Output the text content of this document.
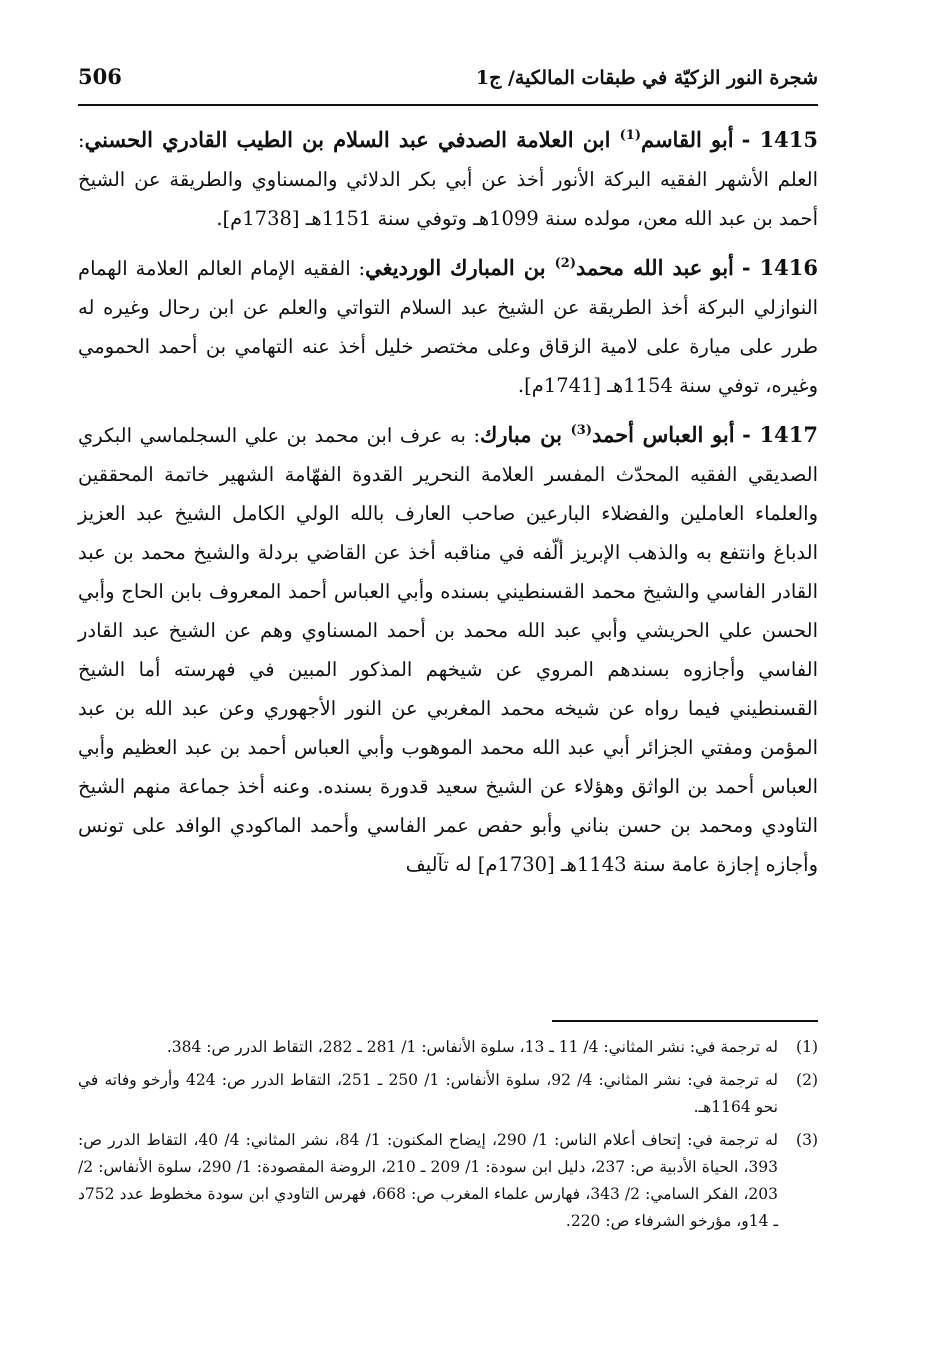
506	شجرة النور الزكيّة في طبقات المالكية/ ج1

1415 - أبو القاسم$^{(1)}$ ابن العلامة الصدفي عبد السلام بن الطيب القادري الحسني: العلم الأشهر الفقيه البركة الأنور أخذ عن أبي بكر الدلائي والمسناوي والطريقة عن الشيخ أحمد بن عبد الله معن، مولده سنة 1099هـ وتوفي سنة 1151هـ [1738م].

1416 - أبو عبد الله محمد$^{(2)}$ بن المبارك الورديغي: الفقيه الإمام العالم العلامة الهمام النوازلي البركة أخذ الطريقة عن الشيخ عبد السلام التواتي والعلم عن ابن رحال وغيره له طرر على ميارة على لامية الزقاق وعلى مختصر خليل أخذ عنه التهامي بن أحمد الحمومي وغيره، توفي سنة 1154هـ [1741م].

1417 - أبو العباس أحمد$^{(3)}$ بن مبارك: به عرف ابن محمد بن علي السجلماسي البكري الصديقي الفقيه المحدّث المفسر العلامة النحرير القدوة الفهّامة الشهير خاتمة المحققين والعلماء العاملين والفضلاء البارعين صاحب العارف بالله الولي الكامل الشيخ عبد العزيز الدباغ وانتفع به والذهب الإبريز ألّفه في مناقبه أخذ عن القاضي بردلة والشيخ محمد بن عبد القادر الفاسي والشيخ محمد القسنطيني بسنده وأبي العباس أحمد المعروف بابن الحاج وأبي الحسن علي الحريشي وأبي عبد الله محمد بن أحمد المسناوي وهم عن الشيخ عبد القادر الفاسي وأجازوه بسندهم المروي عن شيخهم المذكور المبين في فهرسته أما الشيخ القسنطيني فيما رواه عن شيخه محمد المغربي عن النور الأجهوري وعن عبد الله بن عبد المؤمن ومفتي الجزائر أبي عبد الله محمد الموهوب وأبي العباس أحمد بن عبد العظيم وأبي العباس أحمد بن الواثق وهؤلاء عن الشيخ سعيد قدورة بسنده. وعنه أخذ جماعة منهم الشيخ التاودي ومحمد بن حسن بناني وأبو حفص عمر الفاسي وأحمد الماكودي الوافد على تونس وأجازه إجازة عامة سنة 1143هـ [1730م] له تآليف

(1)
له ترجمة في: نشر المثاني: 4/ 11 ـ 13، سلوة الأنفاس: 1/ 281 ـ 282، التقاط الدرر ص: 384.
(2)
له ترجمة في: نشر المثاني: 4/ 92، سلوة الأنفاس: 1/ 250 ـ 251، التقاط الدرر ص: 424 وأرخو وفاته في نحو 1164هـ.
(3)
له ترجمة في: إتحاف أعلام الناس: 1/ 290، إيضاح المكنون: 1/ 84، نشر المثاني: 4/ 40، التقاط الدرر ص: 393، الحياة الأدبية ص: 237، دليل ابن سودة: 1/ 209 ـ 210، الروضة المقصودة: 1/ 290، سلوة الأنفاس: 2/ 203، الفكر السامي: 2/ 343، فهارس علماء المغرب ص: 668، فهرس التاودي ابن سودة مخطوط عدد 752د ـ 14و، مؤرخو الشرفاء ص: 220.
